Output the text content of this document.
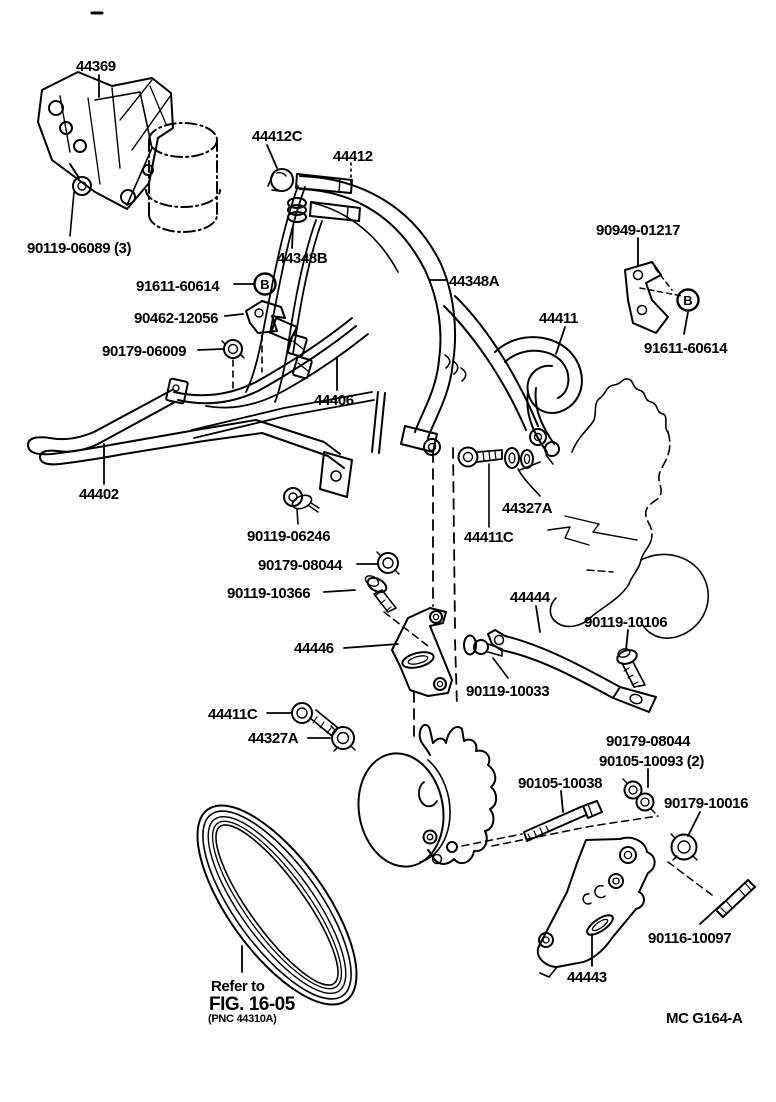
44369
90119-06089 (3)
44412C
44412
44348B
44348A
91611-60614
90462-12056
90179-06009
44406
44402
90119-06246
90949-01217
44411
91611-60614
44327A
44411C
90179-08044
90119-10366
44446
90119-10033
44444
90119-10106
44411C
44327A	90179-08044
90105-10093 (2)
90105-10038
90179-10016
90116-10097
44443
B
B
Refer to
FIG. 16-05
(PNC 44310A)	MC G164-A
